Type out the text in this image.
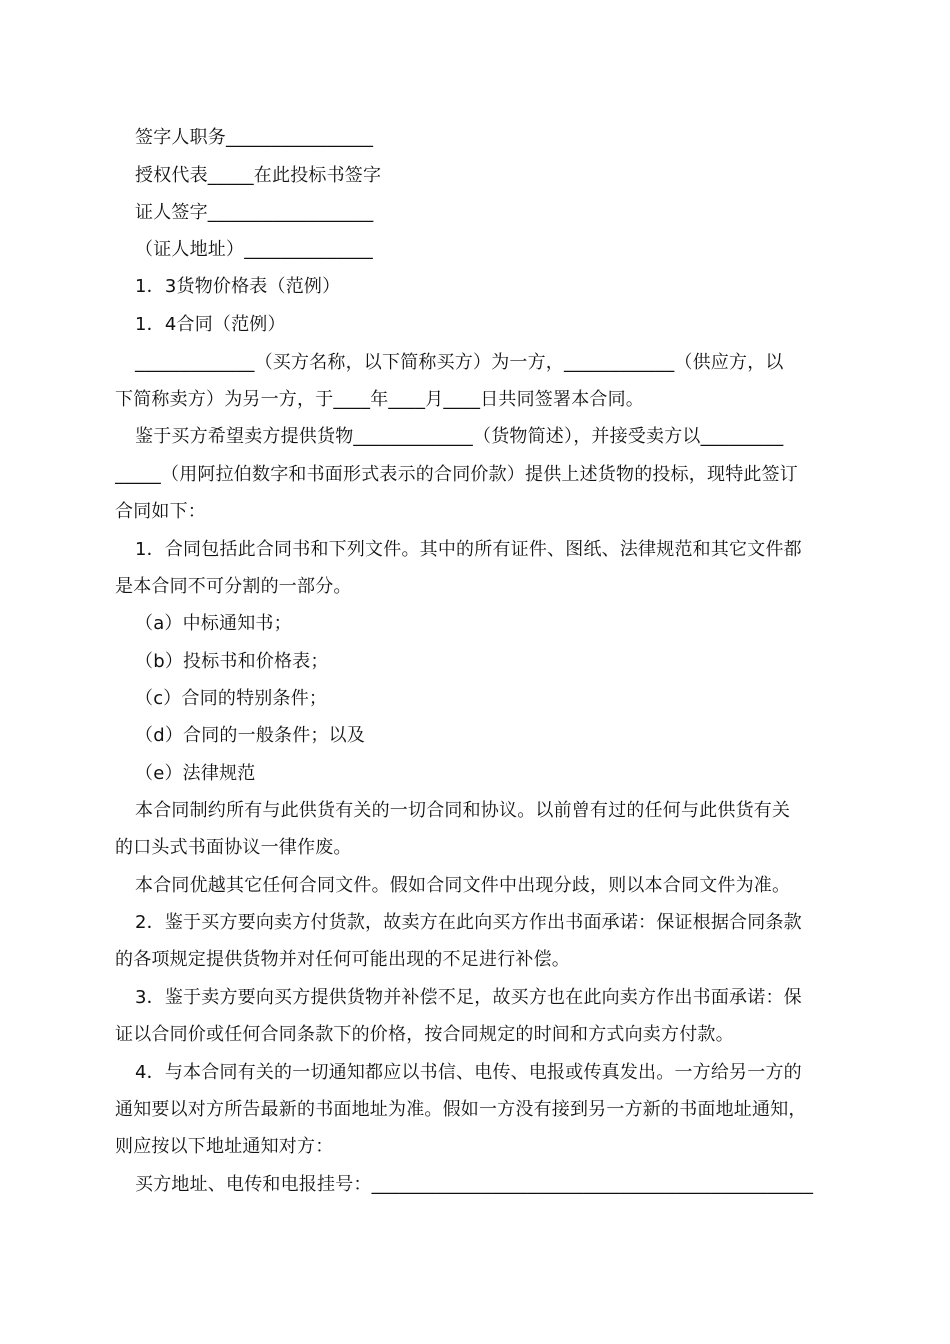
签字人职务________________
授权代表_____在此投标书签字
证人签字__________________
（证人地址）______________
1．3货物价格表（范例）
1．4合同（范例）
_____________（买方名称，以下简称买方）为一方，____________（供应方，以
下简称卖方）为另一方，于____年____月____日共同签署本合同。
鉴于买方希望卖方提供货物_____________（货物简述），并接受卖方以_________
_____（用阿拉伯数字和书面形式表示的合同价款）提供上述货物的投标，现特此签订
合同如下：
1．合同包括此合同书和下列文件。其中的所有证件、图纸、法律规范和其它文件都
是本合同不可分割的一部分。
（a）中标通知书；
（b）投标书和价格表；
（c）合同的特别条件；
（d）合同的一般条件；以及
（e）法律规范
本合同制约所有与此供货有关的一切合同和协议。以前曾有过的任何与此供货有关
的口头式书面协议一律作废。
本合同优越其它任何合同文件。假如合同文件中出现分歧，则以本合同文件为准。
2．鉴于买方要向卖方付货款，故卖方在此向买方作出书面承诺：保证根据合同条款
的各项规定提供货物并对任何可能出现的不足进行补偿。
3．鉴于卖方要向买方提供货物并补偿不足，故买方也在此向卖方作出书面承诺：保
证以合同价或任何合同条款下的价格，按合同规定的时间和方式向卖方付款。
4．与本合同有关的一切通知都应以书信、电传、电报或传真发出。一方给另一方的
通知要以对方所告最新的书面地址为准。假如一方没有接到另一方新的书面地址通知，
则应按以下地址通知对方：
买方地址、电传和电报挂号：________________________________________________
